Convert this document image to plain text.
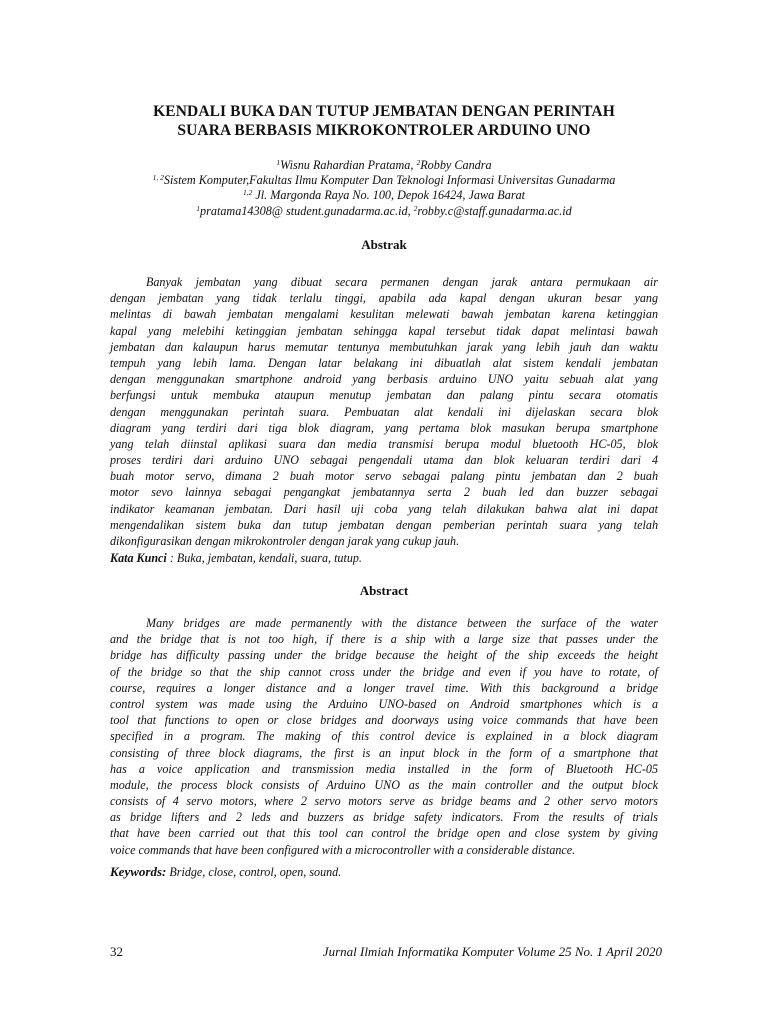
KENDALI BUKA DAN TUTUP JEMBATAN DENGAN PERINTAH
SUARA BERBASIS MIKROKONTROLER ARDUINO UNO
$^1$Wisnu Rahardian Pratama, $^2$Robby Candra
$^{1, 2}$Sistem Komputer,Fakultas Ilmu Komputer Dan Teknologi Informasi Universitas Gunadarma
$^{1,2}$ Jl. Margonda Raya No. 100, Depok 16424, Jawa Barat
$^1$pratama14308@ student.gunadarma.ac.id, $^2$robby.c@staff.gunadarma.ac.id
Abstrak
Banyak jembatan yang dibuat secara permanen dengan jarak antara permukaan air
dengan jembatan yang tidak terlalu tinggi, apabila ada kapal dengan ukuran besar yang
melintas di bawah jembatan mengalami kesulitan melewati bawah jembatan karena ketinggian
kapal yang melebihi ketinggian jembatan sehingga kapal tersebut tidak dapat melintasi bawah
jembatan dan kalaupun harus memutar tentunya membutuhkan jarak yang lebih jauh dan waktu
tempuh yang lebih lama. Dengan latar belakang ini dibuatlah alat sistem kendali jembatan
dengan menggunakan smartphone android yang berbasis arduino UNO yaitu sebuah alat yang
berfungsi untuk membuka ataupun menutup jembatan dan palang pintu secara otomatis
dengan menggunakan perintah suara. Pembuatan alat kendali ini dijelaskan secara blok
diagram yang terdiri dari tiga blok diagram, yang pertama blok masukan berupa smartphone
yang telah diinstal aplikasi suara dan media transmisi berupa modul bluetooth HC-05, blok
proses terdiri dari arduino UNO sebagai pengendali utama dan blok keluaran terdiri dari 4
buah motor servo, dimana 2 buah motor servo sebagai palang pintu jembatan dan 2 buah
motor sevo lainnya sebagai pengangkat jembatannya serta 2 buah led dan buzzer sebagai
indikator keamanan jembatan. Dari hasil uji coba yang telah dilakukan bahwa alat ini dapat
mengendalikan sistem buka dan tutup jembatan dengan pemberian perintah suara yang telah
dikonfigurasikan dengan mikrokontroler dengan jarak yang cukup jauh.
Kata Kunci : Buka, jembatan, kendali, suara, tutup.
Abstract
Many bridges are made permanently with the distance between the surface of the water
and the bridge that is not too high, if there is a ship with a large size that passes under the
bridge has difficulty passing under the bridge because the height of the ship exceeds the height
of the bridge so that the ship cannot cross under the bridge and even if you have to rotate, of
course, requires a longer distance and a longer travel time. With this background a bridge
control system was made using the Arduino UNO-based on Android smartphones which is a
tool that functions to open or close bridges and doorways using voice commands that have been
specified in a program. The making of this control device is explained in a block diagram
consisting of three block diagrams, the first is an input block in the form of a smartphone that
has a voice application and transmission media installed in the form of Bluetooth HC-05
module, the process block consists of Arduino UNO as the main controller and the output block
consists of 4 servo motors, where 2 servo motors serve as bridge beams and 2 other servo motors
as bridge lifters and 2 leds and buzzers as bridge safety indicators. From the results of trials
that have been carried out that this tool can control the bridge open and close system by giving
voice commands that have been configured with a microcontroller with a considerable distance.
Keywords: Bridge, close, control, open, sound.
32	Jurnal Ilmiah Informatika Komputer Volume 25 No. 1 April 2020
